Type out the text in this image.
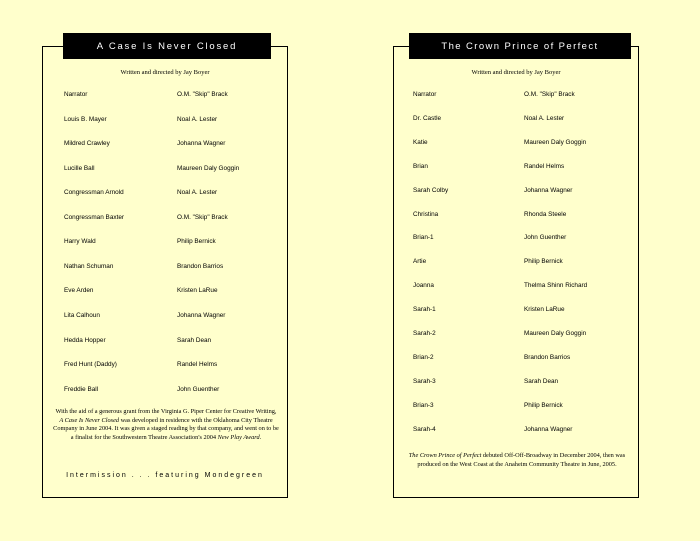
A Case Is Never Closed
Written and directed by Jay Boyer
Narrator	O.M. "Skip" Brack
Louis B. Mayer	Noal A. Lester
Mildred Crawley	Johanna Wagner
Lucille Ball	Maureen Daly Goggin
Congressman Arnold	Noal A. Lester
Congressman Baxter	O.M. "Skip" Brack
Harry Wald	Philip Bernick
Nathan Schuman	Brandon Barrios
Eve Arden	Kristen LaRue
Lita Calhoun	Johanna Wagner
Hedda Hopper	Sarah Dean
Fred Hunt (Daddy)	Randel Helms
Freddie Ball	John Guenther
With the aid of a generous grant from the Virginia G. Piper Center for Creative Writing, A Case Is Never Closed was developed in residence with the Oklahoma City Theatre Company in June 2004. It was given a staged reading by that company, and went on to be a finalist for the Southwestern Theatre Association's 2004 New Play Award.
Intermission . . . featuring Mondegreen
The Crown Prince of Perfect
Written and directed by Jay Boyer
Narrator	O.M. "Skip" Brack
Dr. Castle	Noal A. Lester
Katie	Maureen Daly Goggin
Brian	Randel Helms
Sarah Colby	Johanna Wagner
Christina	Rhonda Steele
Brian-1	John Guenther
Artie	Philip Bernick
Joanna	Thelma Shinn Richard
Sarah-1	Kristen LaRue
Sarah-2	Maureen Daly Goggin
Brian-2	Brandon Barrios
Sarah-3	Sarah Dean
Brian-3	Philip Bernick
Sarah-4	Johanna Wagner
The Crown Prince of Perfect debuted Off-Off-Broadway in December 2004, then was produced on the West Coast at the Anaheim Community Theatre in June, 2005.
